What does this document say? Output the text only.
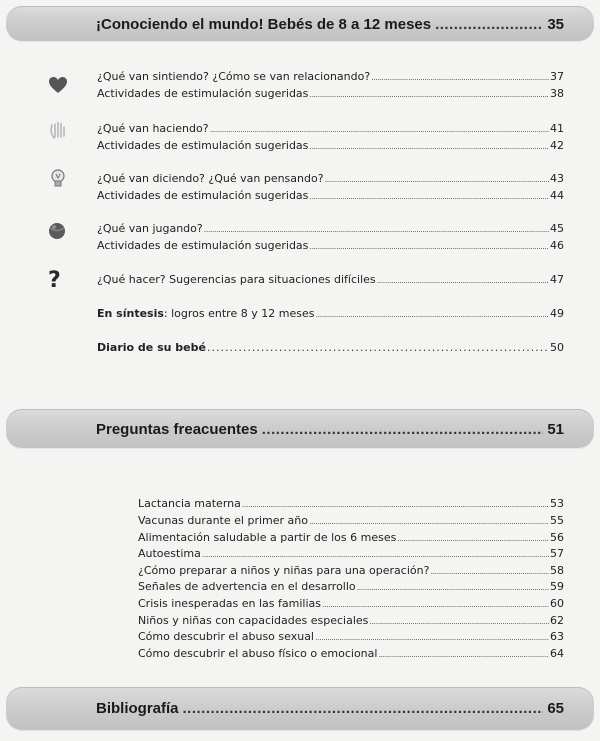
¡Conociendo el mundo! Bebés de 8 a 12 meses .....	35
?
¿Qué van sintiendo? ¿Cómo se van relacionando? .....	37
Actividades de estimulación sugeridas .....	38
¿Qué van haciendo? .....	41
Actividades de estimulación sugeridas .....	42
¿Qué van diciendo? ¿Qué van pensando? .....	43
Actividades de estimulación sugeridas .....	44
¿Qué van jugando? .....	45
Actividades de estimulación sugeridas .....	46
¿Qué hacer? Sugerencias para situaciones difíciles .....	47
En síntesis: logros entre 8 y 12 meses .....	49
Diario de su bebé .....	50
Preguntas freacuentes .....	51
Lactancia materna .....	53
Vacunas durante el primer año .....	55
Alimentación saludable a partir de los 6 meses .....	56
Autoestima .....	57
¿Cómo preparar a niños y niñas para una operación? .....	58
Señales de advertencia en el desarrollo .....	59
Crisis inesperadas en las familias .....	60
Niños y niñas con capacidades especiales .....	62
Cómo descubrir el abuso sexual .....	63
Cómo descubrir el abuso físico o emocional .....	64
Bibliografía .....	65
